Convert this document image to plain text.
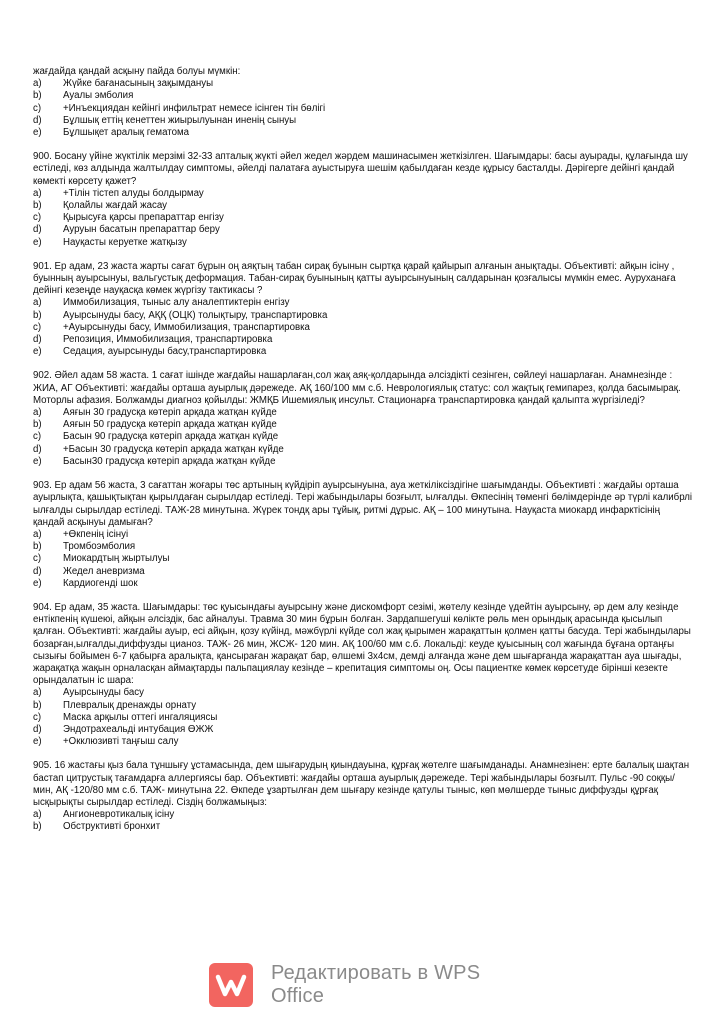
жағдайда қандай асқыну пайда болуы мүмкін:

a)	Жүйке бағанасының зақымдануы
b)	Ауалы эмболия
c)	+Инъекциядан кейінгі инфильтрат немесе ісінген тін бөлігі
d)	Бұлшық еттің кенеттен жиырылуынан иненің сынуы
e)	Бұлшықет аралық гематома

900. Босану үйіне жүктілік мерзімі 32-33 апталық жүкті әйел жедел жәрдем машинасымен жеткізілген. Шағымдары: басы ауырады, құлағында шу естіледі, көз алдында жалтылдау симптомы, әйелді палатаға ауыстыруға шешім қабылдаған кезде құрысу басталды. Дәрігерге дейінгі қандай көмекті көрсету қажет?

a)	+Тілін тістеп алуды болдырмау
b)	Қолайлы жағдай жасау
c)	Қырысуға қарсы препараттар енгізу
d)	Ауруын басатын препараттар беру
e)	Науқасты керуетке жатқызу

901. Ер адам, 23 жаста жарты сағат бұрын оң аяқтың табан сирақ буынын сыртқа қарай қайырып алғанын анықтады. Объективті: айқын ісіну , буынның ауырсынуы, вальгустық деформация. Табан-сирақ буынының қатты ауырсынуының салдарынан қозғалысы мүмкін емес. Ауруханаға дейінгі кезеңде науқасқа көмек жүргізу тактикасы ?

a)	Иммобилизация, тыныс алу аналептиктерін енгізу
b)	Ауырсынуды басу, АҚҚ (ОЦК) толықтыру, транспартировка
c)	+Ауырсынуды басу, Иммобилизация, транспартировка
d)	Репозиция, Иммобилизация, транспартировка
e)	Седация, ауырсынуды басу,транспартировка

902. Әйел адам 58 жаста. 1 сағат ішінде жағдайы нашарлаған,сол жақ аяқ-қолдарында әлсіздікті сезінген, сөйлеуі нашарлаған. Анамнезінде : ЖИА, АГ Объективті: жағдайы орташа ауырлық дәрежеде. АҚ 160/100 мм с.б. Неврологиялық статус: сол жақтық гемипарез, қолда басымырақ. Моторлы афазия. Болжамды диагноз қойылды: ЖМҚБ Ишемиялық инсульт. Стационарға транспартировка қандай қалыпта жүргізіледі?

a)	Аяғын 30 градусқа көтеріп арқада жатқан күйде
b)	Аяғын 50 градусқа көтеріп арқада жатқан күйде
c)	Басын 90 градусқа көтеріп арқада жатқан күйде
d)	+Басын 30 градусқа көтеріп арқада жатқан күйде
e)	Басын30 градусқа көтеріп арқада жатқан күйде

903. Ер адам 56 жаста, 3 сағаттан жоғары төс артының күйдіріп ауырсынуына, ауа жеткіліксіздігіне шағымданды. Объективті : жағдайы орташа ауырлықта, қашықтықтан қырылдаған сырылдар естіледі. Тері жабындылары бозғылт, ылғалды. Өкпесінің төменгі бөлімдерінде әр түрлі калибрлі ылғалды сырылдар естіледі. ТАЖ-28 минутына. Жүрек тондқ ары тұйық, ритмі дұрыс. АҚ – 100 минутына. Науқаста миокард инфарктісінің қандай асқынуы дамыған?

a)	+Өкпенің ісінуі
b)	Тромбоэмболия
c)	Миокардтың жыртылуы
d)	Жедел аневризма
e)	Кардиогенді шок

904. Ер адам, 35 жаста. Шағымдары: төс қуысындағы ауырсыну және дискомфорт сезімі, жөтелу кезінде үдейтін ауырсыну, әр дем алу кезінде ентікпенің күшеюі, айқын әлсіздік, бас айналуы. Травма 30 мин бұрын болған. Зардапшегуші көлікте рөль мен орындық арасында қысылып қалған. Объективті: жағдайы ауыр, есі айқын, қозу күйінд, мәжбүрлі күйде сол жақ қырымен жарақаттын қолмен қатты басуда. Тері жабындылары бозарған,ылғалды,диффузды цианоз. ТАЖ- 26 мин, ЖСЖ- 120 мин. АҚ 100/60 мм с.б. Локальді: кеуде қуысының сол жағында бұғана ортаңғы сызығы бойымен 6-7 қабырға аралықта, қансыраған жарақат бар, өлшемі 3х4см, демді алғанда және дем шығарғанда жарақаттан ауа шығады, жарақатқа жақын орналасқан аймақтарды пальпациялау кезінде – крепитация симптомы оң. Осы пациентке көмек көрсетуде бірінші кезекте орындалатын іс шара:

a)	Ауырсынуды басу
b)	Плевралық дренажды орнату
c)	Маска арқылы оттегі ингаляциясы
d)	Эндотрахеальді интубация ӨЖЖ
e)	+Окклюзивті таңғыш салу

905. 16 жастағы қыз бала тұншығу ұстамасында, дем шығарудың қиындауына, құрғақ жөтелге шағымданады. Анамнезінен: ерте балалық шақтан бастап цитрустық тағамдарға аллергиясы бар. Объективті: жағдайы орташа ауырлық дәрежеде. Тері жабындылары бозғылт. Пульс -90 соққы/мин, АҚ -120/80 мм с.б. ТАЖ- минутына 22. Өкпеде ұзартылған дем шығару кезінде қатулы тыныс, көп мөлшерде тыныс диффузды құрғақ ысқырықты сырылдар естіледі. Сіздің болжамыңыз:

a)	Ангионевротикалық ісіну
b)	Обструктивті бронхит
Редактировать в WPS Office
